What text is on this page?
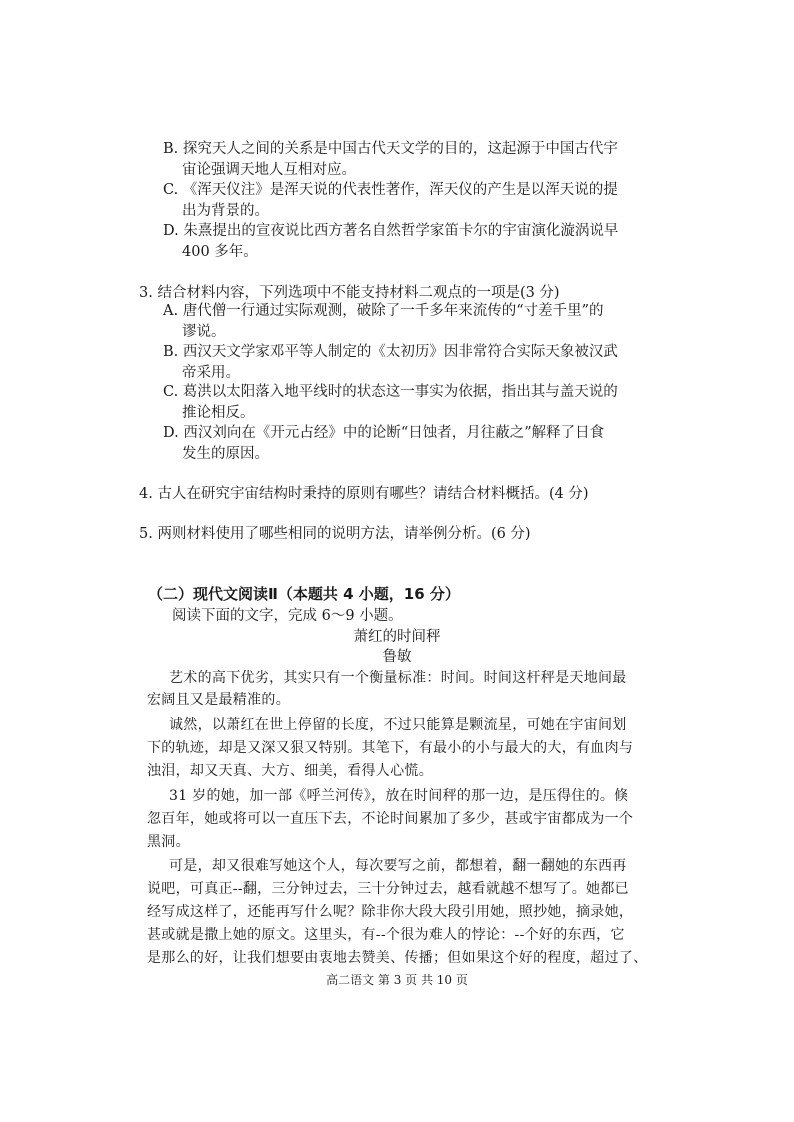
B. 探究天人之间的关系是中国古代天文学的目的，这起源于中国古代宇
宙论强调天地人互相对应。
C. 《浑天仪注》是浑天说的代表性著作，浑天仪的产生是以浑天说的提
出为背景的。
D. 朱熹提出的宣夜说比西方著名自然哲学家笛卡尔的宇宙演化漩涡说早
400 多年。
3. 结合材料内容，下列选项中不能支持材料二观点的一项是(3 分)
A. 唐代僧一行通过实际观测，破除了一千多年来流传的“寸差千里”的
谬说。
B. 西汉天文学家邓平等人制定的《太初历》因非常符合实际天象被汉武
帝采用。
C. 葛洪以太阳落入地平线时的状态这一事实为依据，指出其与盖天说的
推论相反。
D. 西汉刘向在《开元占经》中的论断“日蚀者，月往蔽之”解释了日食
发生的原因。
4. 古人在研究宇宙结构时秉持的原则有哪些？请结合材料概括。(4 分)
5. 两则材料使用了哪些相同的说明方法，请举例分析。(6 分)
（二）现代文阅读Ⅱ（本题共 4 小题，16 分）
阅读下面的文字，完成 6～9 小题。
萧红的时间秤
鲁敏
艺术的高下优劣，其实只有一个衡量标准：时间。时间这杆秤是天地间最
宏阔且又是最精准的。
诚然，以萧红在世上停留的长度，不过只能算是颗流星，可她在宇宙间划
下的轨迹，却是又深又狠又特别。其笔下，有最小的小与最大的大，有血肉与
浊泪，却又天真、大方、细美，看得人心慌。
31 岁的她，加一部《呼兰河传》，放在时间秤的那一边，是压得住的。倏
忽百年，她或将可以一直压下去，不论时间累加了多少，甚或宇宙都成为一个
黑洞。
可是，却又很难写她这个人，每次要写之前，都想着，翻一翻她的东西再
说吧，可真正--翻，三分钟过去，三十分钟过去，越看就越不想写了。她都已
经写成这样了，还能再写什么呢？除非你大段大段引用她，照抄她，摘录她，
甚或就是撒上她的原文。这里头，有--个很为难人的悖论：--个好的东西，它
是那么的好，让我们想要由衷地去赞美、传播；但如果这个好的程度，超过了、
高二语文 第 3 页 共 10 页
